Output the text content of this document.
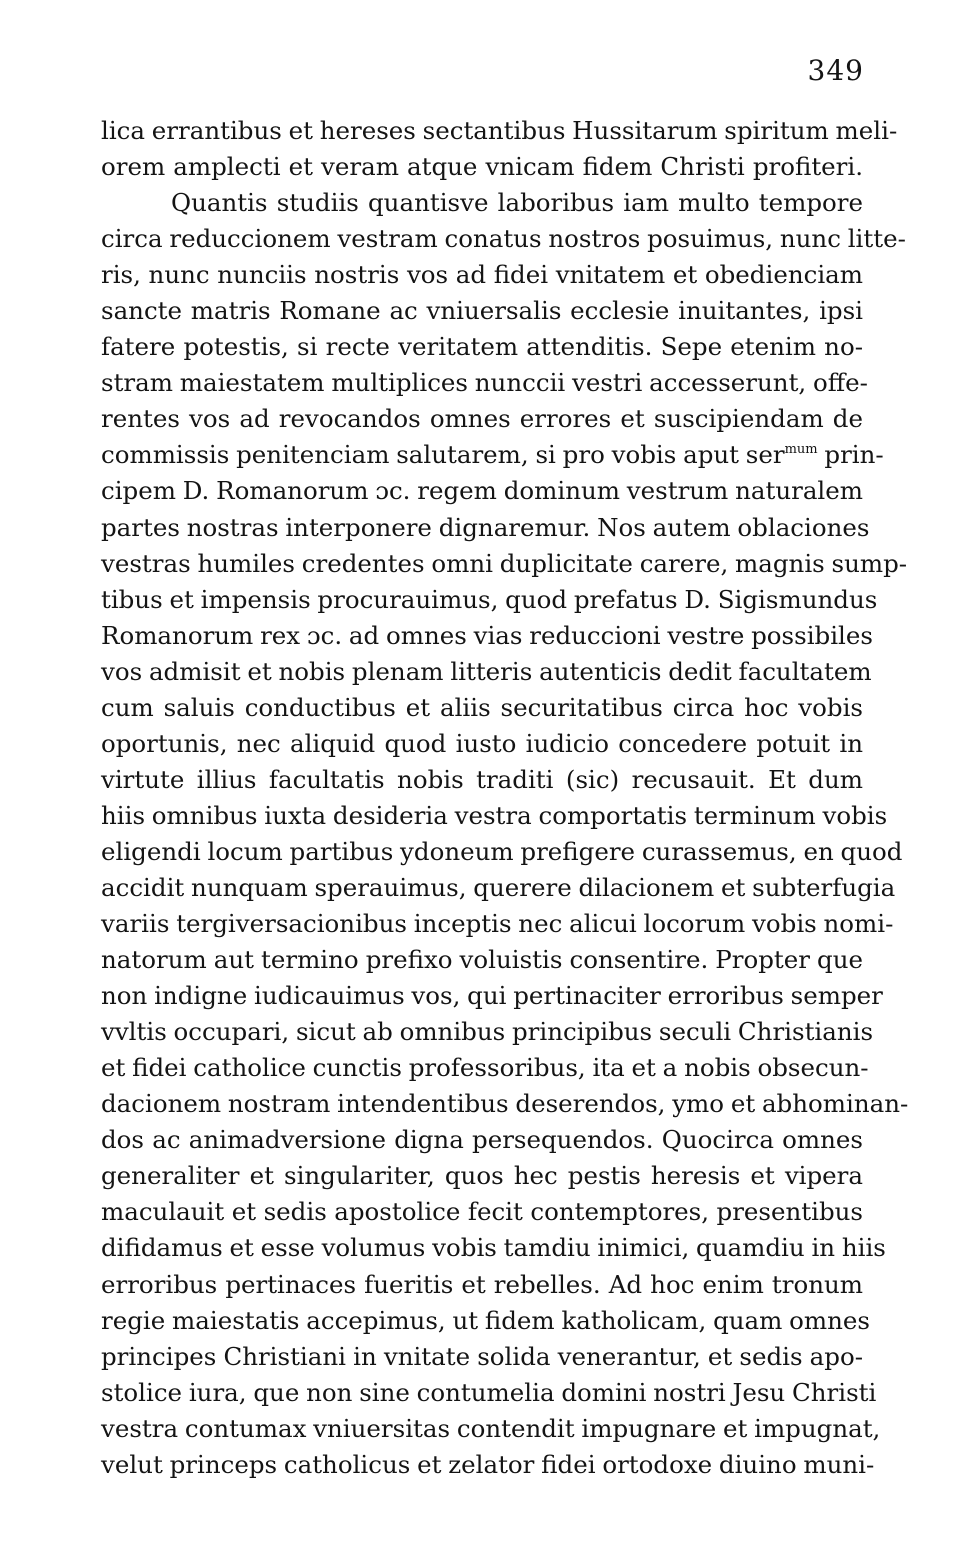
349
lica errantibus et hereses sectantibus Hussitarum spiritum meli-
orem amplecti et veram atque vnicam fidem Christi profiteri.
Quantis studiis quantisve laboribus iam multo tempore
circa reduccionem vestram conatus nostros posuimus, nunc litte-
ris, nunc nunciis nostris vos ad fidei vnitatem et obedienciam
sancte matris Romane ac vniuersalis ecclesie inuitantes, ipsi
fatere potestis, si recte veritatem attenditis. Sepe etenim no-
stram maiestatem multiplices nunccii vestri accesserunt, offe-
rentes vos ad revocandos omnes errores et suscipiendam de
commissis penitenciam salutarem, si pro vobis aput ser$^{mum}$ prin-
cipem D. Romanorum ɔc. regem dominum vestrum naturalem
partes nostras interponere dignaremur. Nos autem oblaciones
vestras humiles credentes omni duplicitate carere, magnis sump-
tibus et impensis procurauimus, quod prefatus D. Sigismundus
Romanorum rex ɔc. ad omnes vias reduccioni vestre possibiles
vos admisit et nobis plenam litteris autenticis dedit facultatem
cum saluis conductibus et aliis securitatibus circa hoc vobis
oportunis, nec aliquid quod iusto iudicio concedere potuit in
virtute illius facultatis nobis traditi (sic) recusauit. Et dum
hiis omnibus iuxta desideria vestra comportatis terminum vobis
eligendi locum partibus ydoneum prefigere curassemus, en quod
accidit nunquam sperauimus, querere dilacionem et subterfugia
variis tergiversacionibus inceptis nec alicui locorum vobis nomi-
natorum aut termino prefixo voluistis consentire. Propter que
non indigne iudicauimus vos, qui pertinaciter erroribus semper
vvltis occupari, sicut ab omnibus principibus seculi Christianis
et fidei catholice cunctis professoribus, ita et a nobis obsecun-
dacionem nostram intendentibus deserendos, ymo et abhominan-
dos ac animadversione digna persequendos. Quocirca omnes
generaliter et singulariter, quos hec pestis heresis et vipera
maculauit et sedis apostolice fecit contemptores, presentibus
difidamus et esse volumus vobis tamdiu inimici, quamdiu in hiis
erroribus pertinaces fueritis et rebelles. Ad hoc enim tronum
regie maiestatis accepimus, ut fidem katholicam, quam omnes
principes Christiani in vnitate solida venerantur, et sedis apo-
stolice iura, que non sine contumelia domini nostri Jesu Christi
vestra contumax vniuersitas contendit impugnare et impugnat,
velut princeps catholicus et zelator fidei ortodoxe diuino muni-
